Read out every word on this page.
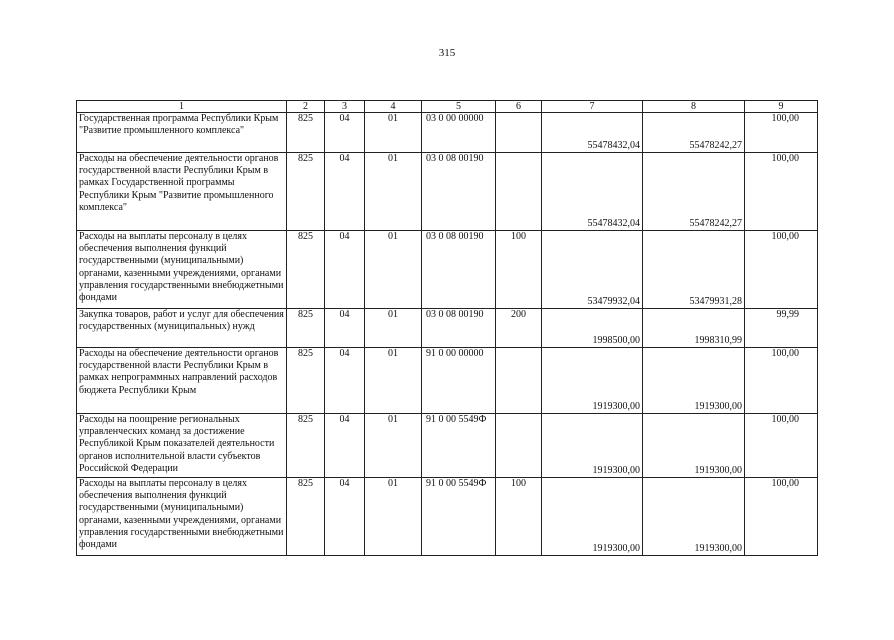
315
1	2	3	4	5	6	7	8	9
Государственная программа Республики Крым "Развитие промышленного комплекса"	825	04	01	03 0 00 00000		55478432,04	55478242,27	100,00
Расходы на обеспечение деятельности органов государственной власти Республики Крым в рамках Государственной программы Республики Крым "Развитие промышленного комплекса"	825	04	01	03 0 08 00190		55478432,04	55478242,27	100,00
Расходы на выплаты персоналу в целях обеспечения выполнения функций государственными (муниципальными) органами, казенными учреждениями, органами управления государственными внебюджетными фондами	825	04	01	03 0 08 00190	100	53479932,04	53479931,28	100,00
Закупка товаров, работ и услуг для обеспечения государственных (муниципальных) нужд	825	04	01	03 0 08 00190	200	1998500,00	1998310,99	99,99
Расходы на обеспечение деятельности органов государственной власти Республики Крым в рамках непрограммных направлений расходов бюджета Республики Крым	825	04	01	91 0 00 00000		1919300,00	1919300,00	100,00
Расходы на поощрение региональных управленческих команд за достижение Республикой Крым показателей деятельности органов исполнительной власти субъектов Российской Федерации	825	04	01	91 0 00 5549Ф		1919300,00	1919300,00	100,00
Расходы на выплаты персоналу в целях обеспечения выполнения функций государственными (муниципальными) органами, казенными учреждениями, органами управления государственными внебюджетными фондами	825	04	01	91 0 00 5549Ф	100	1919300,00	1919300,00	100,00
